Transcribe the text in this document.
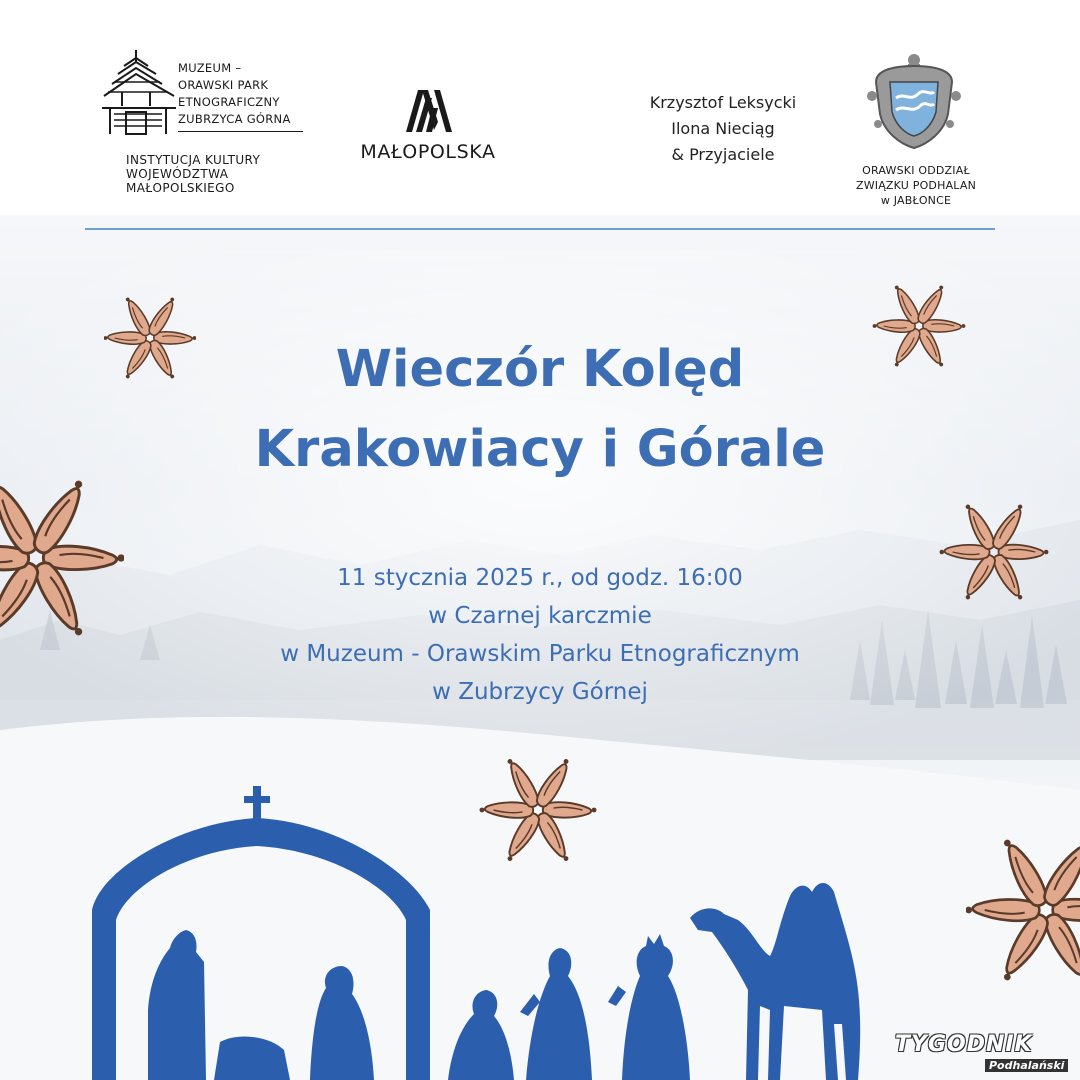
MUZEUM –
ORAWSKI PARK
ETNOGRAFICZNY
ZUBRZYCA GÓRNA
INSTYTUCJA KULTURY
WOJEWÓDZTWA
MAŁOPOLSKIEGO
MAŁOPOLSKA
Krzysztof Leksycki
Ilona Nieciąg
& Przyjaciele
ORAWSKI ODDZIAŁ
ZWIĄZKU PODHALAN
w JABŁONCE
Wieczór Kolęd
Krakowiacy i Górale
11 stycznia 2025 r., od godz. 16:00
w Czarnej karczmie
w Muzeum - Orawskim Parku Etnograficznym
w Zubrzycy Górnej
TYGODNIK
Podhalański
